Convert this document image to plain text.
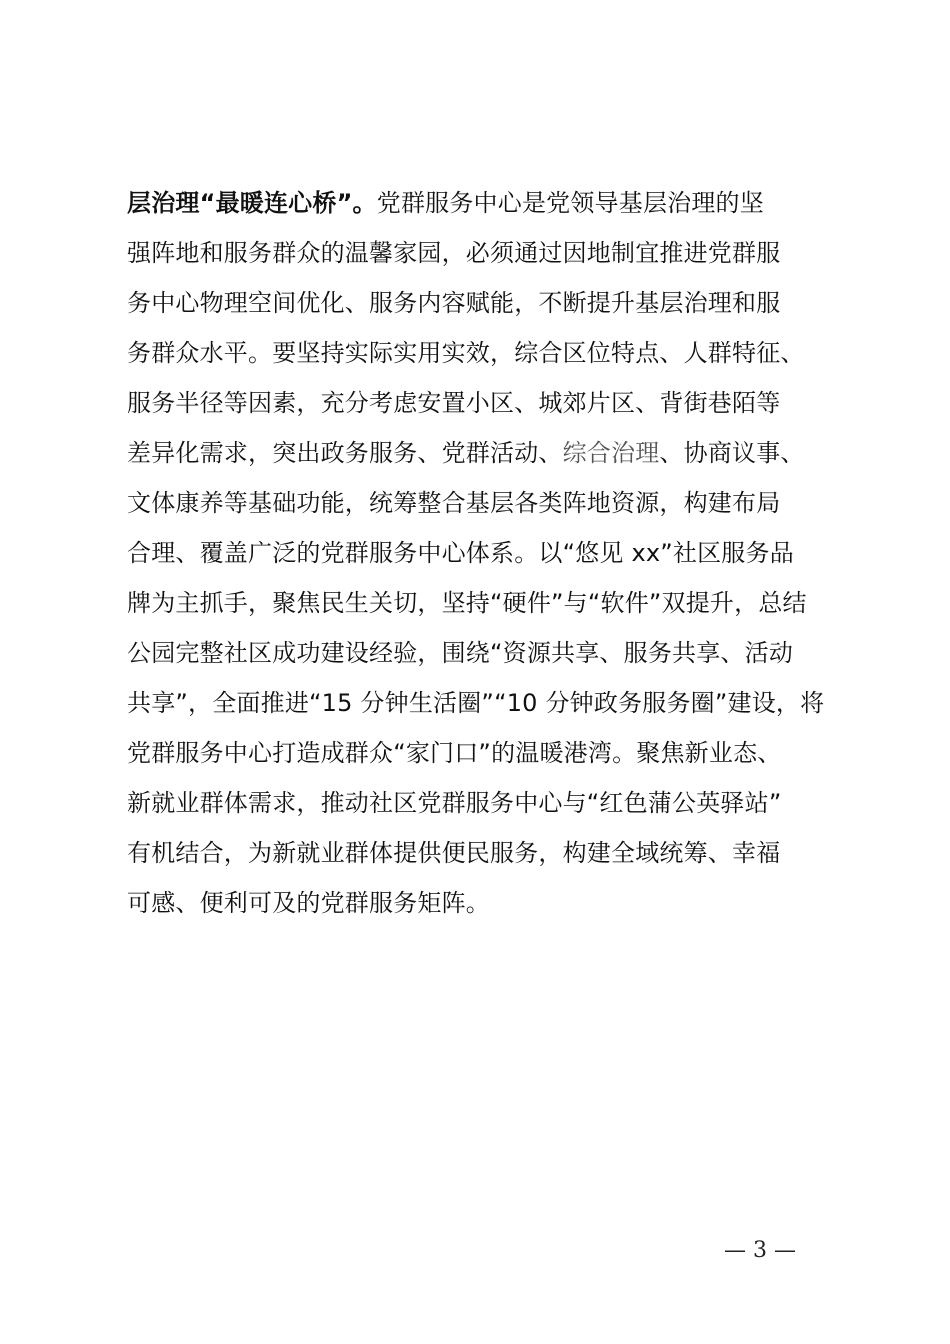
层治理“最暖连心桥”。党群服务中心是党领导基层治理的坚
强阵地和服务群众的温馨家园，必须通过因地制宜推进党群服
务中心物理空间优化、服务内容赋能，不断提升基层治理和服
务群众水平。要坚持实际实用实效，综合区位特点、人群特征、
服务半径等因素，充分考虑安置小区、城郊片区、背街巷陌等
差异化需求，突出政务服务、党群活动、综合治理、协商议事、
文体康养等基础功能，统筹整合基层各类阵地资源，构建布局
合理、覆盖广泛的党群服务中心体系。以“悠见 xx”社区服务品
牌为主抓手，聚焦民生关切，坚持“硬件”与“软件”双提升，总结
公园完整社区成功建设经验，围绕“资源共享、服务共享、活动
共享”，全面推进“15 分钟生活圈”“10 分钟政务服务圈”建设，将
党群服务中心打造成群众“家门口”的温暖港湾。聚焦新业态、
新就业群体需求，推动社区党群服务中心与“红色蒲公英驿站”
有机结合，为新就业群体提供便民服务，构建全域统筹、幸福
可感、便利可及的党群服务矩阵。
— 3 —
